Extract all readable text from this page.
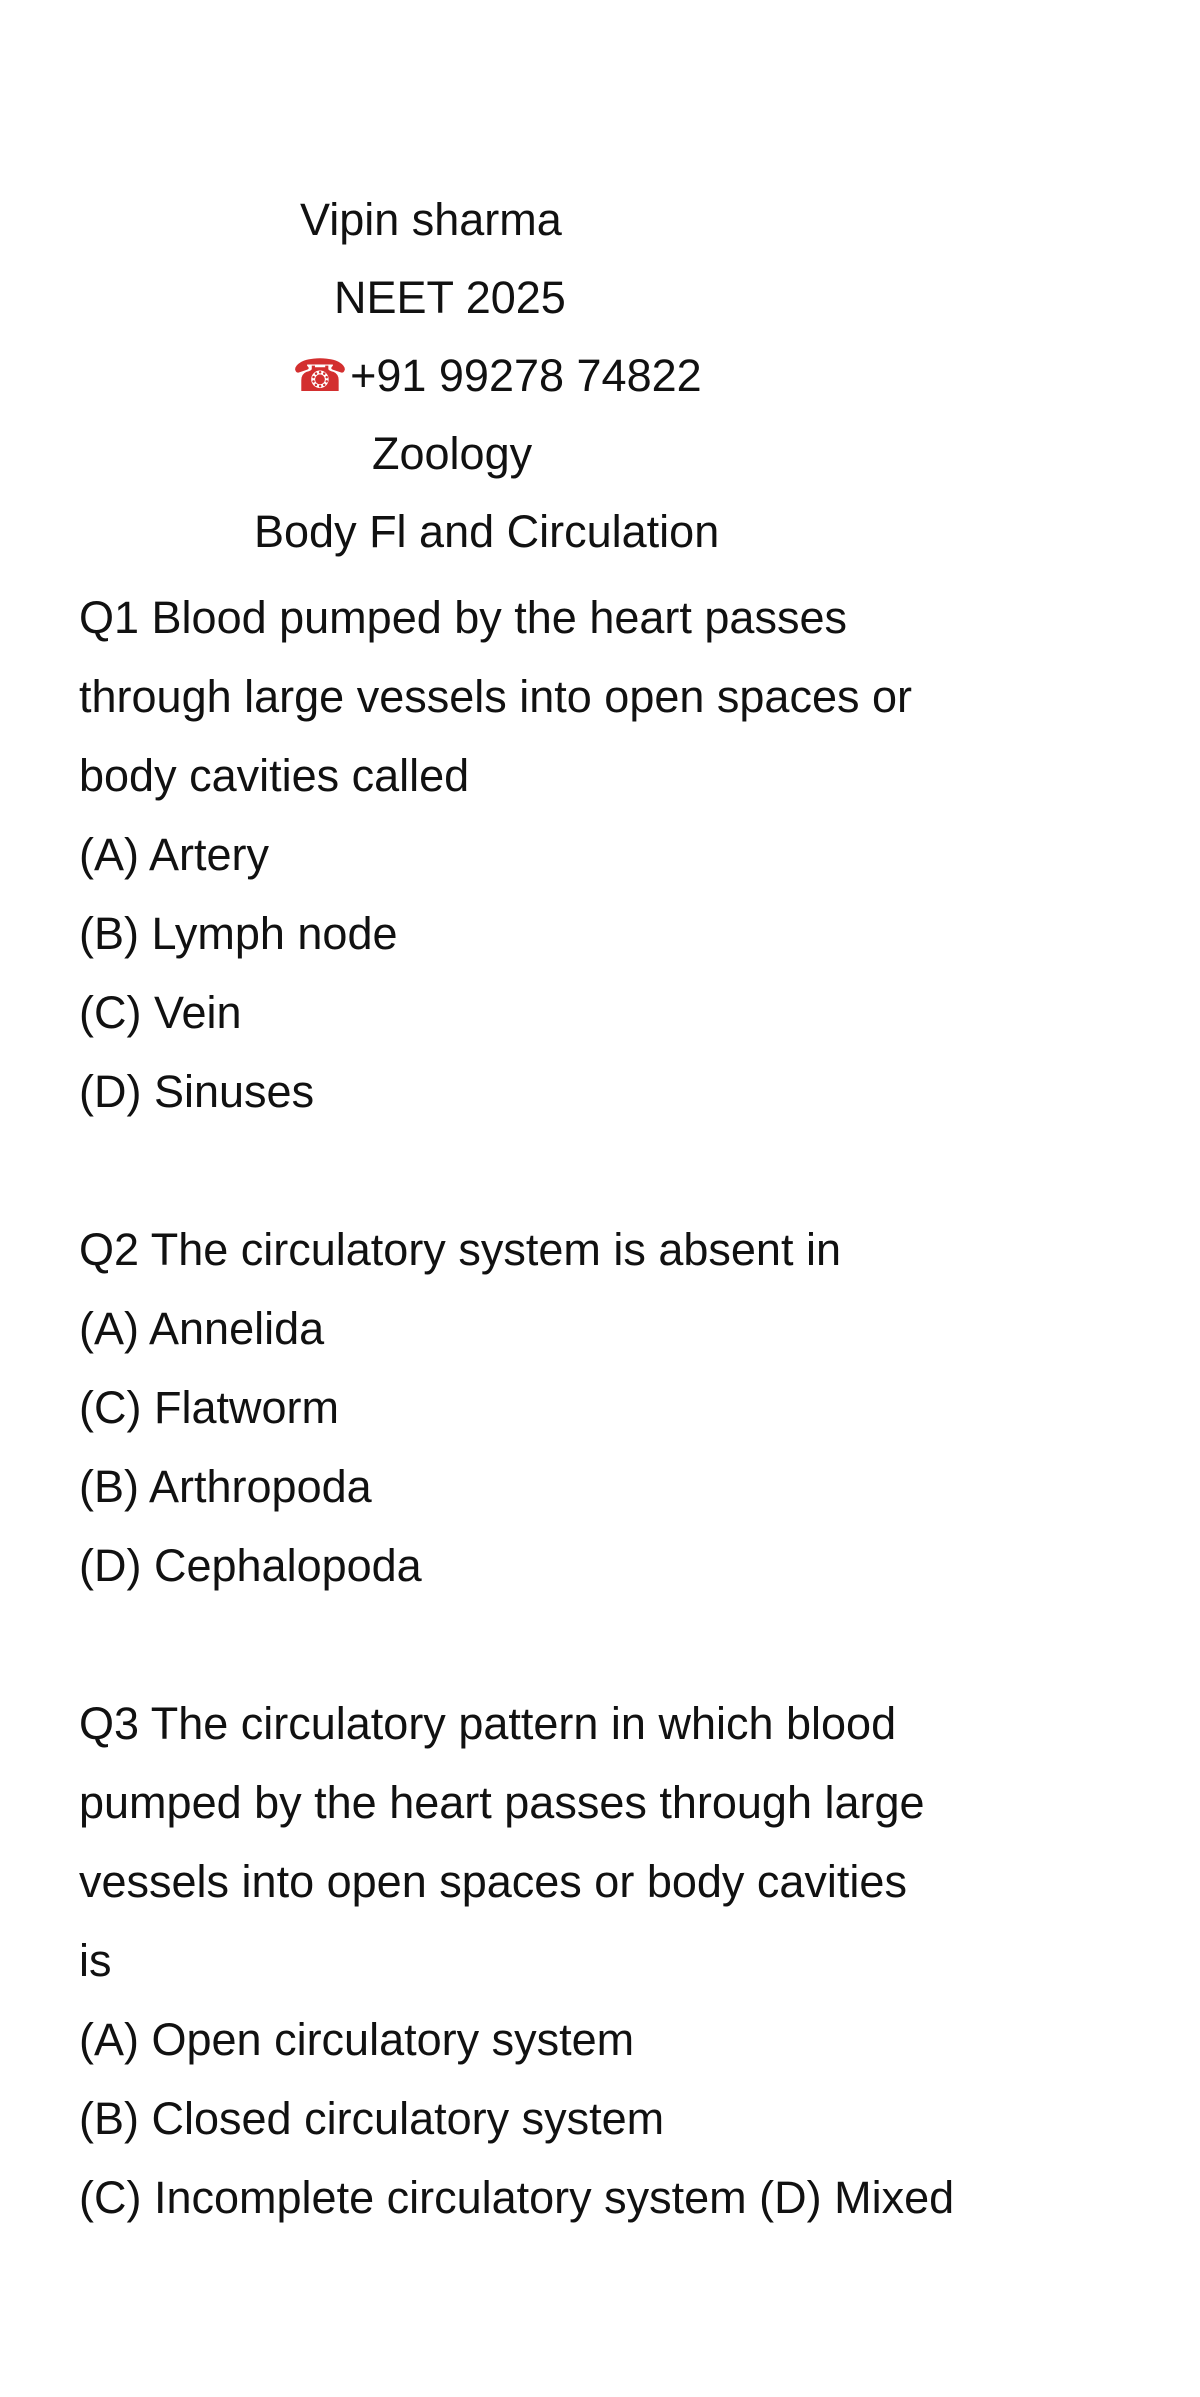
Vipin sharma
NEET 2025
☎+91 99278 74822
Zoology
Body Fl and Circulation
Q1 Blood pumped by the heart passes
through large vessels into open spaces or
body cavities called
(A) Artery
(B) Lymph node
(C) Vein
(D) Sinuses
Q2 The circulatory system is absent in
(A) Annelida
(C) Flatworm
(B) Arthropoda
(D) Cephalopoda
Q3 The circulatory pattern in which blood
pumped by the heart passes through large
vessels into open spaces or body cavities
is
(A) Open circulatory system
(B) Closed circulatory system
(C) Incomplete circulatory system (D) Mixed
